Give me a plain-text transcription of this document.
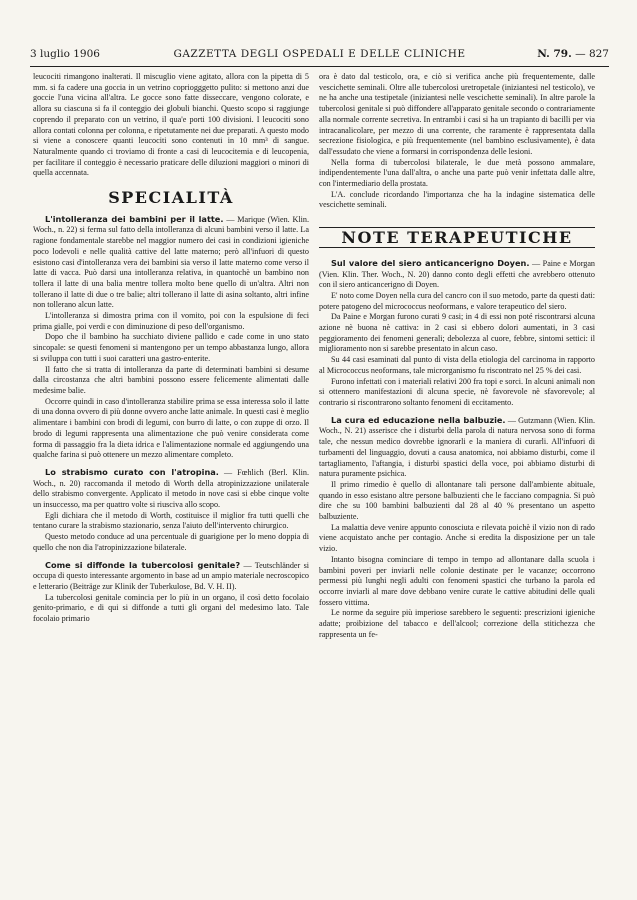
3 luglio 1906	GAZZETTA DEGLI OSPEDALI E DELLE CLINICHE	N. 79. — 827

leucociti rimangono inalterati. Il miscuglio viene agitato, allora con la pipetta di 5 mm. si fa cadere una goccia in un vetrino copriogggetto pulito: si mettono anzi due goccie l'una vicina all'altra. Le gocce sono fatte disseccare, vengono colorate, e allora su ciascuna si fa il conteggio dei globuli bianchi. Questo scopo si raggiunge coprendo il preparato con un vetrino, il qua'e porti 100 divisioni. I leucociti sono allora contati colonna per colonna, e ripetutamente nei due preparati. A questo modo si viene a conoscere quanti leucociti sono contenuti in 10 mm³ di sangue. Naturalmente quando ci troviamo di fronte a casi di leucocitemia e di leucopenia, per facilitare il conteggio è necessario praticare delle diluzioni maggiori o minori di quella accennata.

SPECIALITÀ

L'intolleranza dei bambini per il latte. — Marique (Wien. Klin. Woch., n. 22) si ferma sul fatto della intolleranza di alcuni bambini verso il latte. La ragione fondamentale starebbe nel maggior numero dei casi in condizioni igieniche poco lodevoli e nelle qualità cattive del latte materno; però all'infuori di questo esistono casi d'intolleranza vera dei bambini sia verso il latte materno come verso il latte di vacca. Può darsi una intolleranza relativa, in quantochè un bambino non tollera il latte di una balia mentre tollera molto bene quello di un'altra. Altri non tollerano il latte di due o tre balie; altri tollerano il latte di asina soltanto, altri infine non tollerano alcun latte.

L'intolleranza si dimostra prima con il vomito, poi con la espulsione di feci prima gialle, poi verdi e con diminuzione di peso dell'organismo.

Dopo che il bambino ha succhiato diviene pallido e cade come in uno stato sincopale: se questi fenomeni si mantengono per un tempo abbastanza lungo, allora si sviluppa con tutti i suoi caratteri una gastro-enterite.

Il fatto che si tratta di intolleranza da parte di determinati bambini si desume dalla circostanza che altri bambini possono essere felicemente alimentati dalle medesime balie.

Occorre quindi in caso d'intolleranza stabilire prima se essa interessa solo il latte di una donna ovvero di più donne ovvero anche latte animale. In questi casi è meglio alimentare i bambini con brodi di legumi, con burro di latte, o con zuppe di orzo. Il brodo di legumi rappresenta una alimentazione che può venire considerata come forma di passaggio fra la dieta idrica e l'alimentazione normale ed aggiungendo una qualche farina si può ottenere un mezzo alimentare completo.

Lo strabismo curato con l'atropina. — Fœhlich (Berl. Klin. Woch., n. 20) raccomanda il metodo di Worth della atropinizzazione unilaterale dello strabismo convergente. Applicato il metodo in nove casi si ebbe cinque volte un insuccesso, ma per quattro volte si riusciva allo scopo.

Egli dichiara che il metodo di Worth, costituisce il miglior fra tutti quelli che tentano curare la strabismo stazionario, senza l'aiuto dell'intervento chirurgico.

Questo metodo conduce ad una percentuale di guarigione per lo meno doppia di quello che non dia l'atropinizzazione bilaterale.

Come si diffonde la tubercolosi genitale? — Teutschländer si occupa di questo interessante argomento in base ad un ampio materiale necroscopico e letterario (Beiträge zur Klinik der Tuberkulose, Bd. V. H. II).

La tubercolosi genitale comincia per lo più in un organo, il così detto focolaio genito-primario, e di qui si diffonde a tutti gli organi del medesimo lato. Tale focolaio primario

ora è dato dal testicolo, ora, e ciò si verifica anche più frequentemente, dalle vescichette seminali. Oltre alle tubercolosi uretropetale (iniziantesi nel testicolo), ve ne ha anche una testipetale (iniziantesi nelle vescichette seminali). In altre parole la tubercolosi genitale si può diffondere all'apparato genitale secondo o contrariamente alla normale corrente secretiva. In entrambi i casi si ha un trapianto di bacilli per via intracanalicolare, per mezzo di una corrente, che raramente è rappresentata dalla secrezione fisiologica, e più frequentemente (nel bambino esclusivamente), è data dall'essudato che viene a formarsi in corrispondenza delle lesioni.

Nella forma di tubercolosi bilaterale, le due metà possono ammalare, indipendentemente l'una dall'altra, o anche una parte può venir infettata dalle altre, con l'intermediario della prostata.

L'A. conclude ricordando l'importanza che ha la indagine sistematica delle vescichette seminali.

NOTE TERAPEUTICHE

Sul valore del siero anticancerigno Doyen. — Paine e Morgan (Vien. Klin. Ther. Woch., N. 20) danno conto degli effetti che avrebbero ottenuto con il siero anticancerigno di Doyen.

E' noto come Doyen nella cura del cancro con il suo metodo, parte da questi dati: potere patogeno del micrococcus neoformans, e valore terapeutico del siero.

Da Paine e Morgan furono curati 9 casi; in 4 di essi non poté riscontrarsi alcuna azione nè buona nè cattiva: in 2 casi si ebbero dolori aumentati, in 3 casi peggioramento dei fenomeni generali; debolezza al cuore, febbre, sintomi settici: il miglioramento non si sarebbe presentato in alcun caso.

Su 44 casi esaminati dal punto di vista della etiologia del carcinoma in rapporto al Micrococcus neoformans, tale microrganismo fu riscontrato nel 25 % dei casi.

Furono infettati con i materiali relativi 200 fra topi e sorci. In alcuni animali non si ottennero manifestazioni di alcuna specie, nè favorevole nè sfavorevole; al contrario si riscontrarono soltanto fenomeni di eccitamento.

La cura ed educazione nella balbuzie. — Gutzmann (Wien. Klin. Woch., N. 21) asserisce che i disturbi della parola di natura nervosa sono di forma tale, che nessun medico dovrebbe ignorarli e la maniera di curarli. All'infuori di turbamenti del linguaggio, dovuti a causa anatomica, noi abbiamo disturbi, come il tartagliamento, l'aftangia, i disturbi spastici della voce, poi abbiamo disturbi di natura puramente psichica.

Il primo rimedio è quello di allontanare tali persone dall'ambiente abituale, quando in esso esistano altre persone balbuzienti che le facciano compagnia. Si può dire che su 100 bambini balbuzienti dal 28 al 40 % presentano un aspetto balbuziente.

La malattia deve venire appunto conosciuta e rilevata poichè il vizio non di rado viene acquistato anche per contagio. Anche si eredita la disposizione per un tale vizio.

Intanto bisogna cominciare di tempo in tempo ad allontanare dalla scuola i bambini poveri per inviarli nelle colonie destinate per le vacanze; occorrono permessi più lunghi negli adulti con fenomeni spastici che turbano la parola ed occorre inviarli al mare dove debbano venire curate le cattive abitudini delle quali fossero vittima.

Le norme da seguire più imperiose sarebbero le seguenti: prescrizioni igieniche adatte; proibizione del tabacco e dell'alcool; correzione della stitichezza che rappresenta un fe-
